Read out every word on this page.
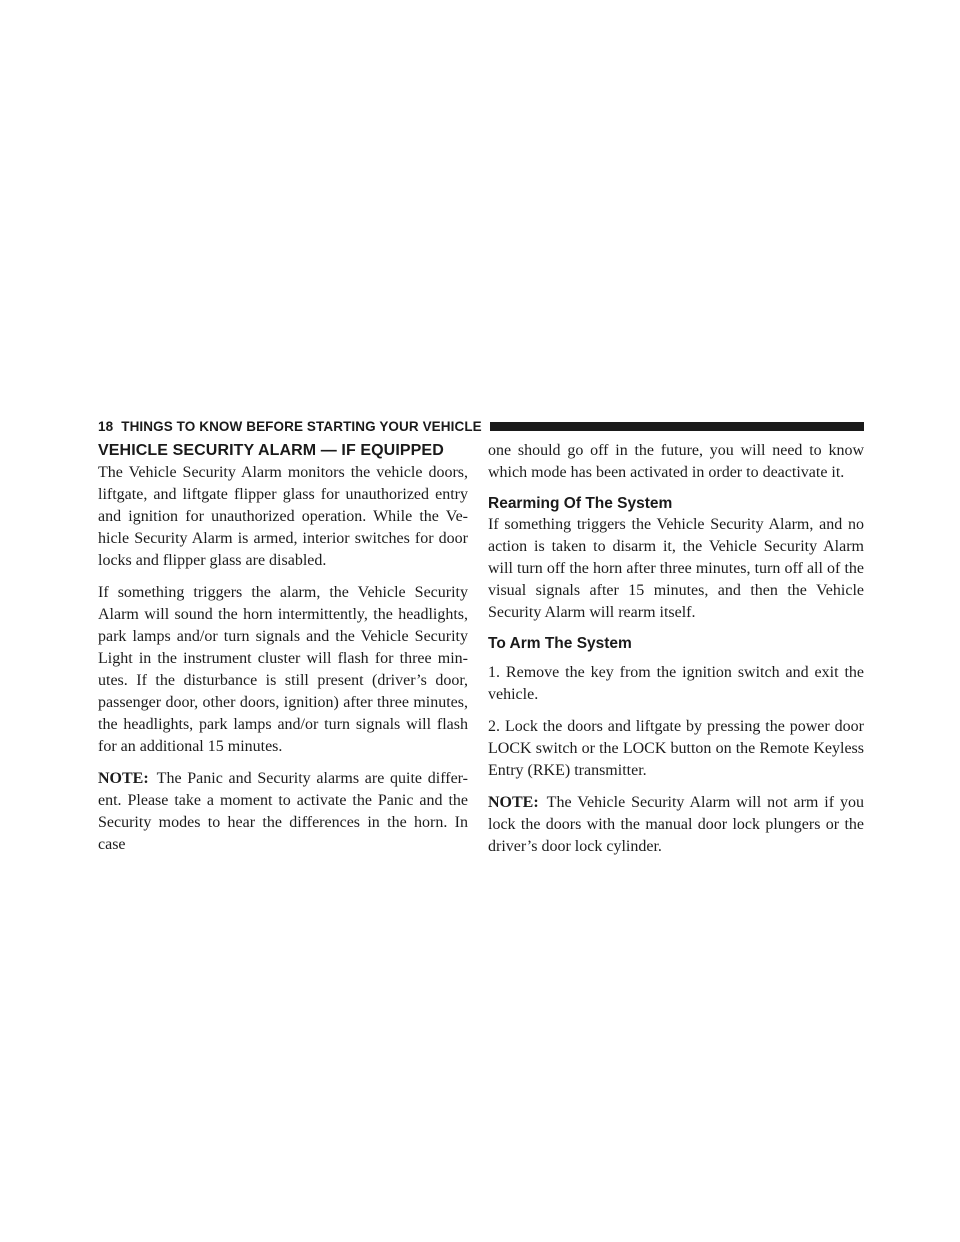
18 THINGS TO KNOW BEFORE STARTING YOUR VEHICLE
VEHICLE SECURITY ALARM — IF EQUIPPED

The Vehicle Security Alarm monitors the vehicle doors, liftgate, and liftgate flipper glass for unauthorized entry and ignition for unauthorized operation. While the Ve-hicle Security Alarm is armed, interior switches for door locks and flipper glass are disabled.

If something triggers the alarm, the Vehicle Security Alarm will sound the horn intermittently, the headlights, park lamps and/or turn signals and the Vehicle Security Light in the instrument cluster will flash for three min-utes. If the disturbance is still present (driver’s door, passenger door, other doors, ignition) after three minutes, the headlights, park lamps and/or turn signals will flash for an additional 15 minutes.

NOTE: The Panic and Security alarms are quite differ-ent. Please take a moment to activate the Panic and the Security modes to hear the differences in the horn. In case

one should go off in the future, you will need to know which mode has been activated in order to deactivate it.

Rearming Of The System

If something triggers the Vehicle Security Alarm, and no action is taken to disarm it, the Vehicle Security Alarm will turn off the horn after three minutes, turn off all of the visual signals after 15 minutes, and then the Vehicle Security Alarm will rearm itself.

To Arm The System

1. Remove the key from the ignition switch and exit the vehicle.

2. Lock the doors and liftgate by pressing the power door LOCK switch or the LOCK button on the Remote Keyless Entry (RKE) transmitter.

NOTE: The Vehicle Security Alarm will not arm if you lock the doors with the manual door lock plungers or the driver’s door lock cylinder.
